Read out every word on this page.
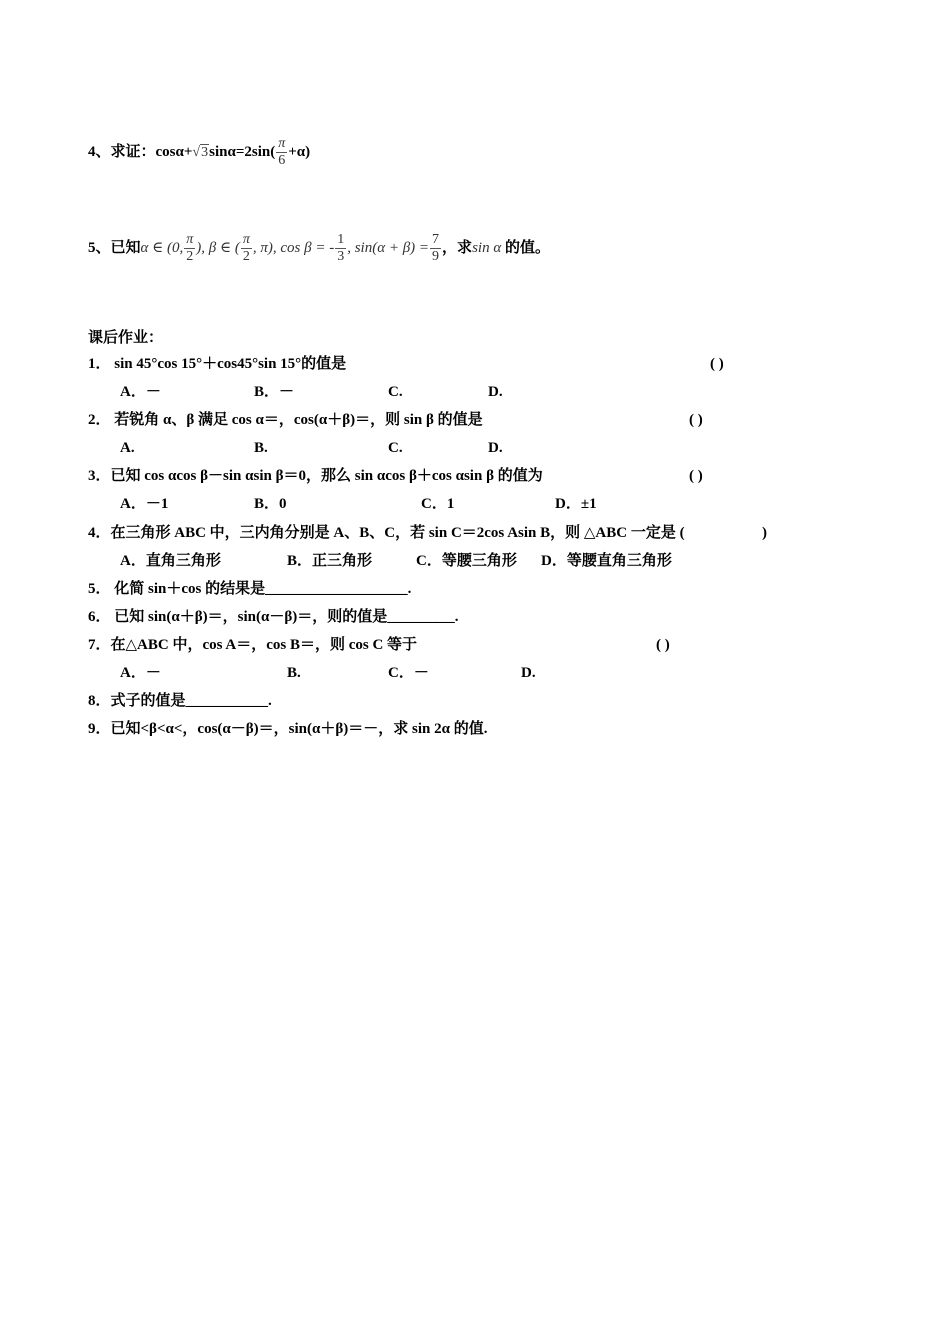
4、求证：$\cos\alpha+√3\sin\alpha=2\sin( \frac{\pi}{6} +\alpha)$
5、已知α ∈ (0, $\frac{\pi}{2}$ ), β ∈ ( $\frac{\pi}{2}$ , π), cos β = - $\frac{1}{3}$ , $\sin(\alpha + \beta) = \frac{7}{9}$ ，求sin α 的值。
课后作业：
1． sin 45°cos 15°＋cos45°sin 15°的值是	( )
A．－	B．－	C.	D.
2． 若锐角 α、β 满足 cos α＝，cos(α＋β)＝，则 sin β 的值是	( )
A.	B.	C.	D.
3．已知 cos αcos β－sin αsin β＝0，那么 sin αcos β＋cos αsin β 的值为	( )
A．－1	B．0	C．1	D．±1
4．在三角形 ABC 中，三内角分别是 A、B、C，若 sin C＝2cos Asin B，则 △ABC 一定是 (	)
A．直角三角形	B．正三角形	C．等腰三角形 D．等腰直角三角形
5． 化简 sin＋cos 的结果是___________________.
6． 已知 sin(α＋β)＝，sin(α－β)＝，则的值是_________.
7．在△ABC 中，cos A＝，cos B＝，则 cos C 等于	( )
A．－	B.	C．－	D.
8．式子的值是___________.
9．已知<β<α<，cos(α－β)＝，sin(α＋β)＝－，求 sin 2α 的值.
